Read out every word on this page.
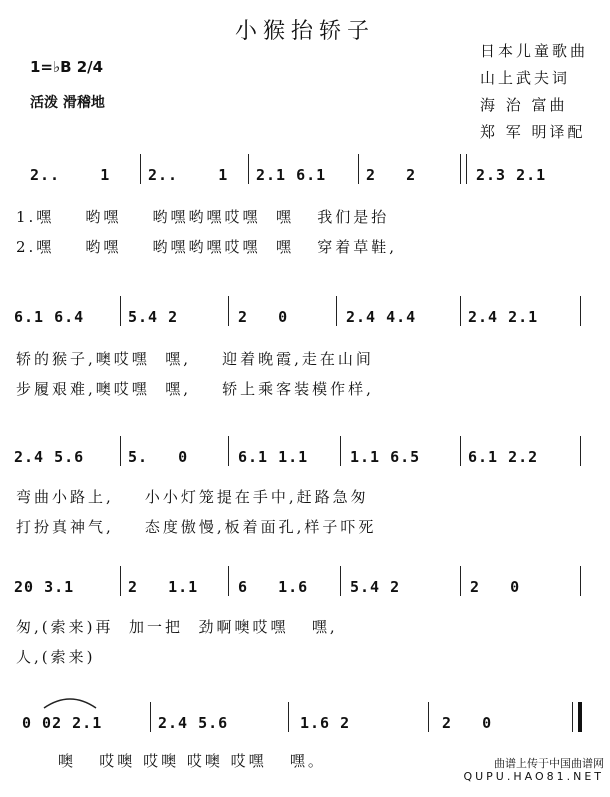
小猴抬轿子
1=♭B 2/4
活泼 滑稽地
日本儿童歌曲
山上武夫词
海 治 富曲
郑 军 明译配
2..    1	2..    1 2.1 6.1	2   2	2.3 2.1
1.嘿    哟嘿    哟嘿哟嘿哎嘿  嘿   我们是抬
2.嘿    哟嘿    哟嘿哟嘿哎嘿  嘿   穿着草鞋,
6.1 6.4	5.4 2	2   0	2.4 4.4	2.4 2.1
轿的猴子,噢哎嘿  嘿,    迎着晚霞,走在山间
步履艰难,噢哎嘿  嘿,    轿上乘客装模作样,
2.4 5.6	5.   0	6.1 1.1	1.1 6.5	6.1 2.2
弯曲小路上,    小小灯笼提在手中,赶路急匆
打扮真神气,    态度傲慢,板着面孔,样子吓死
20 3.1	2   1.1	6   1.6	5.4 2	2   0
匆,(索来)再  加一把  劲啊噢哎嘿   嘿,
人,(索来)
0 02 2.1	2.4 5.6	1.6 2	2   0
噢   哎噢 哎噢 哎噢 哎嘿   嘿。	曲谱上传于中国曲谱网
QUPU.HAO81.NET
